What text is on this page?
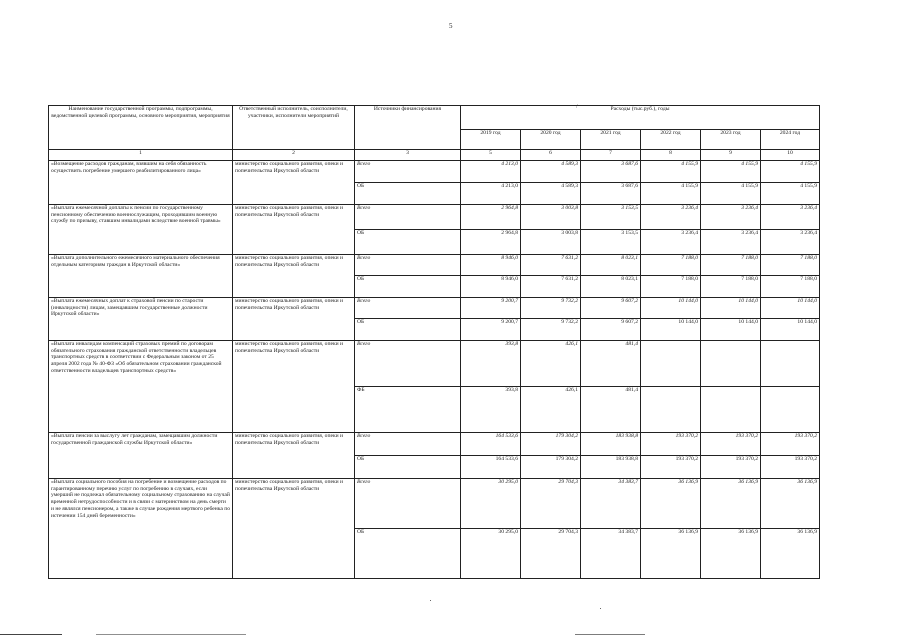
5
/
Наименование государственной программы, подпрограммы, ведомственной целевой программы, основного мероприятия, мероприятия	Ответственный исполнитель, соисполнители, участники, исполнители мероприятий	Источники финансирования	Расходы (тыс.руб.), годы					
			2019 год	2020 год	2021 год	2022 год	2023 год	2024 год
1	2	3	5	6	7	8	9	10
«Возмещение расходов гражданам, взявшим на себя обязанность осуществить погребение умершего реабилитированного лица»	министерство социального развития, опеки и попечительства Иркутской области	Всего	4 213,0	4 589,3	3 687,6	4 155,9	4 155,9	4 155,9
		ОБ	4 213,0	4 589,3	3 687,6	4 155,9	4 155,9	4 155,9
«Выплата ежемесячной доплаты к пенсии по государственному пенсионному обеспечению военнослужащим, проходившим военную службу по призыву, ставшим инвалидами вследствие военной травмы»	министерство социального развития, опеки и попечительства Иркутской области	Всего	2 964,8	3 003,8	3 153,5	3 236,4	3 236,4	3 236,4
		ОБ	2 964,8	3 003,8	3 153,5	3 236,4	3 236,4	3 236,4
«Выплата дополнительного ежемесячного материального обеспечения отдельным категориям граждан в Иркутской области»	министерство социального развития, опеки и попечительства Иркутской области	Всего	8 946,0	7 631,2	8 023,1	7 188,0	7 188,0	7 188,0
		ОБ	8 946,0	7 631,2	8 023,1	7 188,0	7 188,0	7 188,0
«Выплата ежемесячных доплат к страховой пенсии по старости (инвалидности) лицам, замещавшим государственные должности Иркутской области»	министерство социального развития, опеки и попечительства Иркутской области	Всего	9 200,7	9 732,2	9 607,2	10 144,0	10 144,0	10 144,0
		ОБ	9 200,7	9 732,2	9 607,2	10 144,0	10 144,0	10 144,0
«Выплата инвалидам компенсаций страховых премий по договорам обязательного страхования гражданской ответственности владельцев транспортных средств в соответствии с Федеральным законом от 25 апреля 2002 года № 40-ФЗ «Об обязательном страховании гражданской ответственности владельцев транспортных средств»	министерство социального развития, опеки и попечительства Иркутской области	Всего	393,8	426,1	481,4			
		ФБ	393,8	426,1	481,4			
«Выплата пенсии за выслугу лет гражданам, замещавшим должности государственной гражданской службы Иркутской области»	министерство социального развития, опеки и попечительства Иркутской области	Всего	164 533,6	179 304,2	183 938,8	193 370,2	193 370,2	193 370,2
		ОБ	164 533,6	179 304,2	183 938,8	193 370,2	193 370,2	193 370,2
«Выплата социального пособия на погребение и возмещение расходов по гарантированному перечню услуг по погребению в случаях, если умерший не подлежал обязательному социальному страхованию на случай временной нетрудоспособности и в связи с материнством на день смерти и не являлся пенсионером, а также в случае рождения мертвого ребенка по истечении 154 дней беременности»	министерство социального развития, опеки и попечительства Иркутской области	Всего	30 295,0	29 704,3	34 383,7	36 136,9	36 136,9	36 136,9
		ОБ	30 295,0	29 704,3	34 383,7	36 136,9	36 136,9	36 136,9
